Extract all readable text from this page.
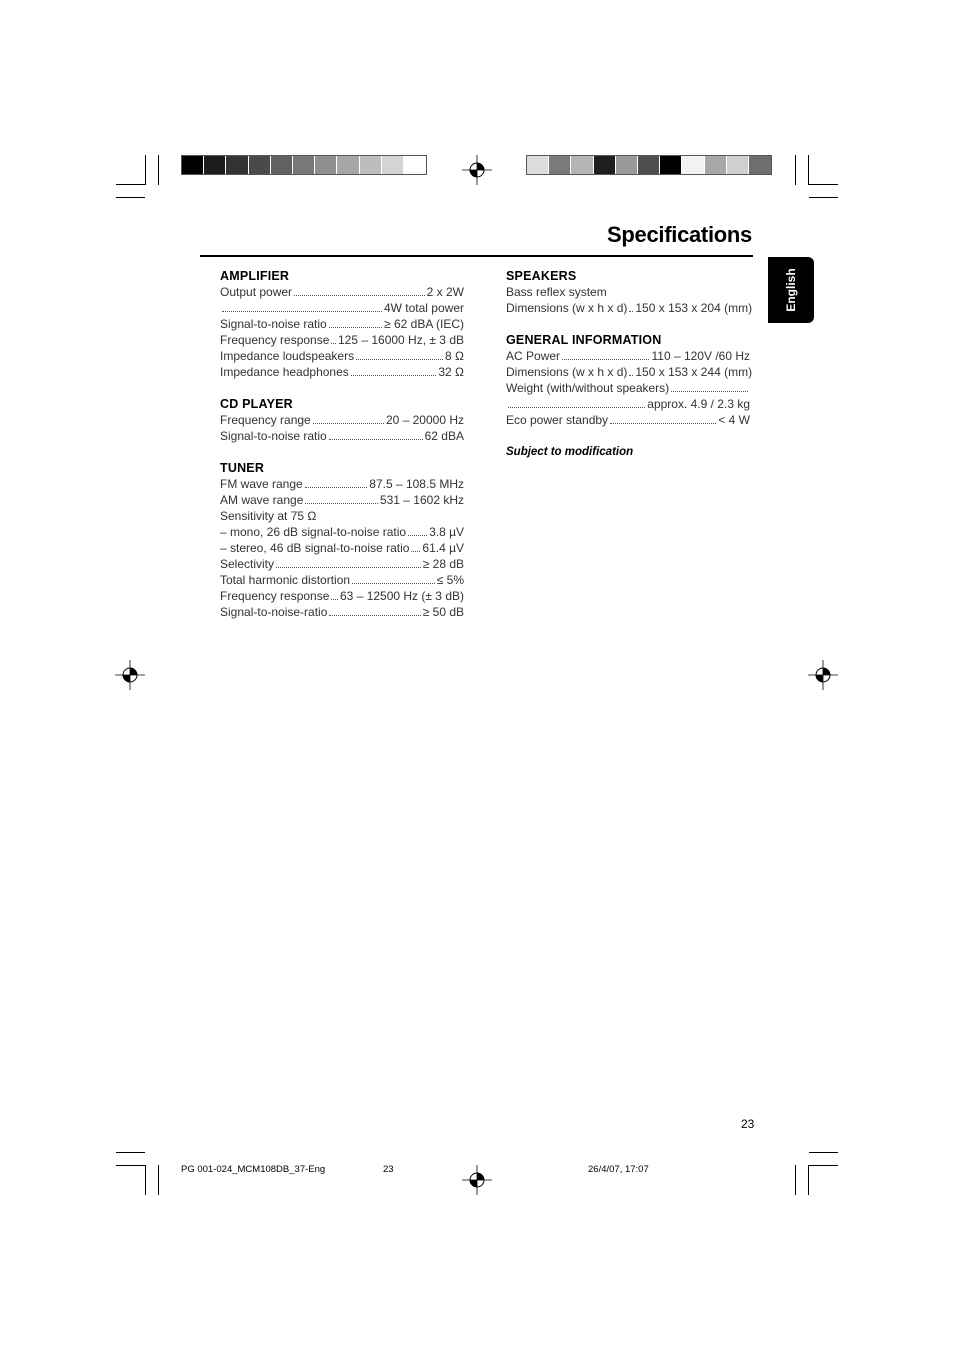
Specifications
English
AMPLIFIER
Output power	2 x 2W
4W total power
Signal-to-noise ratio	≥ 62 dBA (IEC)
Frequency response 125 – 16000 Hz, ± 3 dB
Impedance loudspeakers	8 Ω
Impedance headphones	32 Ω
CD PLAYER
Frequency range	20 – 20000 Hz
Signal-to-noise ratio	62 dBA
TUNER
FM wave range	87.5 – 108.5 MHz
AM wave range	531 – 1602 kHz
Sensitivity at 75 Ω
– mono, 26 dB signal-to-noise ratio 3.8 µV
– stereo, 46 dB signal-to-noise ratio 61.4 µV
Selectivity	≥ 28 dB
Total harmonic distortion	≤ 5%
Frequency response 63 – 12500 Hz (± 3 dB)
Signal-to-noise-ratio	≥ 50 dB
SPEAKERS
Bass reflex system
Dimensions (w x h x d) 150 x 153 x 204 (mm)
GENERAL INFORMATION
AC Power	110 – 120V /60 Hz
Dimensions (w x h x d) 150 x 153 x 244 (mm)
Weight (with/without speakers)
approx. 4.9 / 2.3 kg
Eco power standby	< 4 W
Subject to modification
23
PG 001-024_MCM108DB_37-Eng	23	26/4/07, 17:07
